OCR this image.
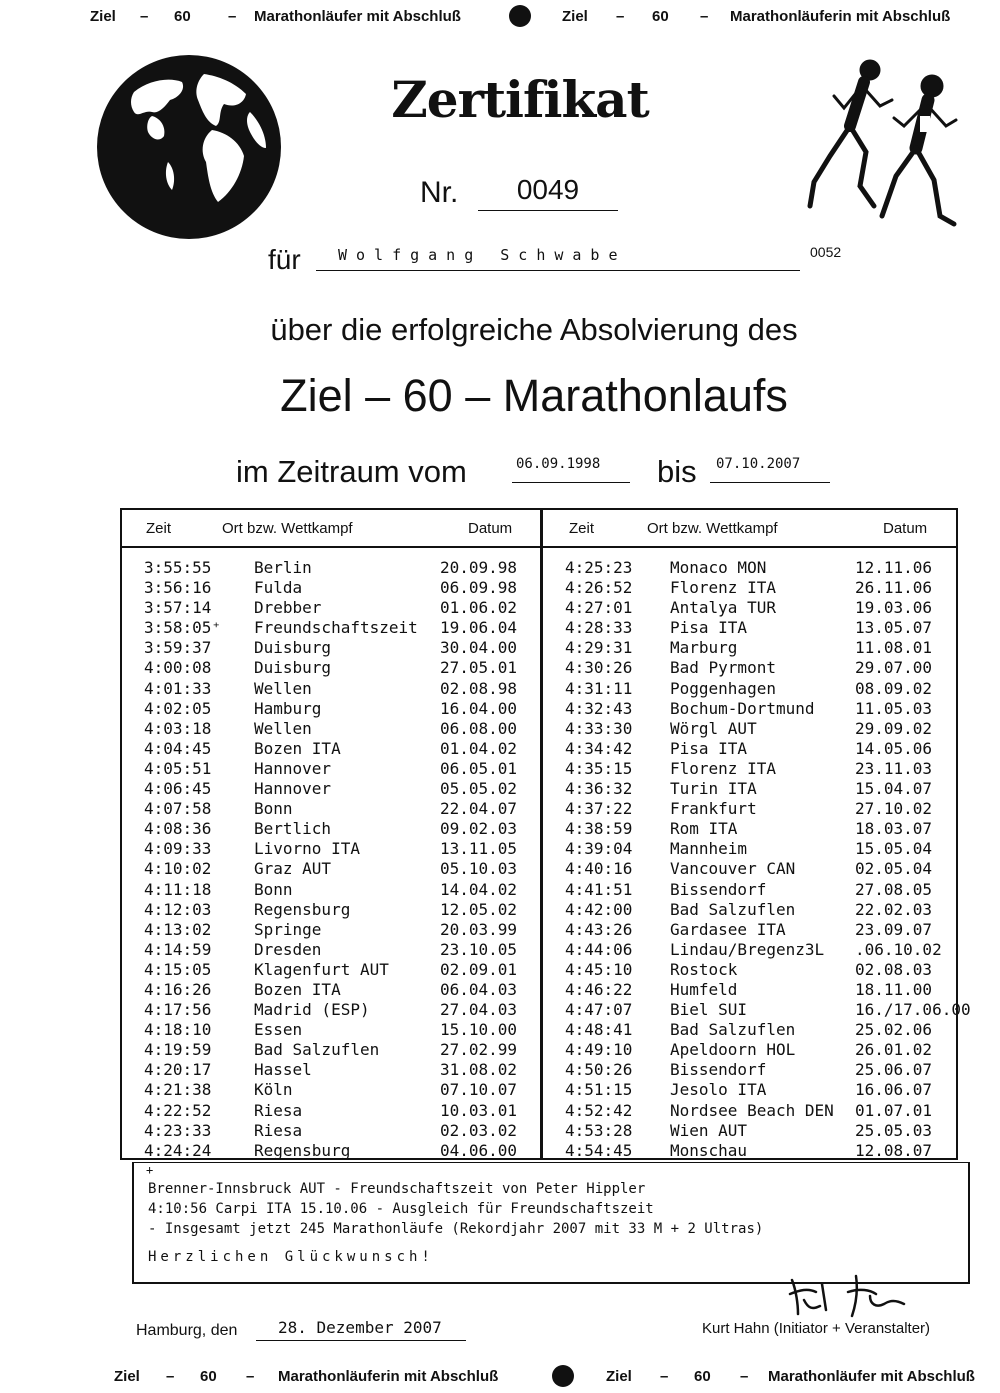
Ziel – 60 – Marathonläufer mit Abschluß	Ziel – 60 – Marathonläuferin mit Abschluß
Zertifikat
Nr.	0049
für	Wolfgang Schwabe	0052
über die erfolgreiche Absolvierung des
Ziel – 60 – Marathonlaufs
im Zeitraum vom	06.09.1998	bis	07.10.2007
Zeit	Ort bzw. Wettkampf	Datum
3:55:55	Berlin	20.09.98
3:56:16	Fulda	06.09.98
3:57:14	Drebber	01.06.02
3:58:05⁺ Freundschaftszeit 19.06.04
3:59:37	Duisburg	30.04.00
4:00:08	Duisburg	27.05.01
4:01:33	Wellen	02.08.98
4:02:05	Hamburg	16.04.00
4:03:18	Wellen	06.08.00
4:04:45	Bozen ITA	01.04.02
4:05:51	Hannover	06.05.01
4:06:45	Hannover	05.05.02
4:07:58	Bonn	22.04.07
4:08:36	Bertlich	09.02.03
4:09:33	Livorno ITA	13.11.05
4:10:02	Graz AUT	05.10.03
4:11:18	Bonn	14.04.02
4:12:03	Regensburg	12.05.02
4:13:02	Springe	20.03.99
4:14:59	Dresden	23.10.05
4:15:05	Klagenfurt AUT	02.09.01
4:16:26	Bozen ITA	06.04.03
4:17:56	Madrid (ESP)	27.04.03
4:18:10	Essen	15.10.00
4:19:59	Bad Salzuflen	27.02.99
4:20:17	Hassel	31.08.02
4:21:38	Köln	07.10.07
4:22:52	Riesa	10.03.01
4:23:33	Riesa	02.03.02
4:24:24	Regensburg	04.06.00
Zeit	Ort bzw. Wettkampf	Datum
4:25:23 Monaco MON	12.11.06
4:26:52 Florenz ITA	26.11.06
4:27:01 Antalya TUR	19.03.06
4:28:33 Pisa ITA	13.05.07
4:29:31 Marburg	11.08.01
4:30:26 Bad Pyrmont	29.07.00
4:31:11 Poggenhagen	08.09.02
4:32:43 Bochum-Dortmund	11.05.03
4:33:30 Wörgl AUT	29.09.02
4:34:42 Pisa ITA	14.05.06
4:35:15 Florenz ITA	23.11.03
4:36:32 Turin ITA	15.04.07
4:37:22 Frankfurt	27.10.02
4:38:59 Rom ITA	18.03.07
4:39:04 Mannheim	15.05.04
4:40:16 Vancouver CAN	02.05.04
4:41:51 Bissendorf	27.08.05
4:42:00 Bad Salzuflen	22.02.03
4:43:26 Gardasee ITA	23.09.07
4:44:06 Lindau/Bregenz3L .06.10.02
4:45:10 Rostock	02.08.03
4:46:22 Humfeld	18.11.00
4:47:07 Biel SUI	16./17.06.00
4:48:41 Bad Salzuflen	25.02.06
4:49:10 Apeldoorn HOL	26.01.02
4:50:26 Bissendorf	25.06.07
4:51:15 Jesolo ITA	16.06.07
4:52:42 Nordsee Beach DEN 01.07.01
4:53:28 Wien AUT	25.05.03
4:54:45 Monschau	12.08.07
+
Brenner-Innsbruck AUT - Freundschaftszeit von Peter Hippler
4:10:56 Carpi ITA 15.10.06 - Ausgleich für Freundschaftszeit
- Insgesamt jetzt 245 Marathonläufe (Rekordjahr 2007 mit 33 M + 2 Ultras)
Herzlichen Glückwunsch!
Hamburg, den	28. Dezember 2007	Kurt Hahn (Initiator + Veranstalter)
Ziel – 60 – Marathonläuferin mit Abschluß	Ziel – 60 – Marathonläufer mit Abschluß
